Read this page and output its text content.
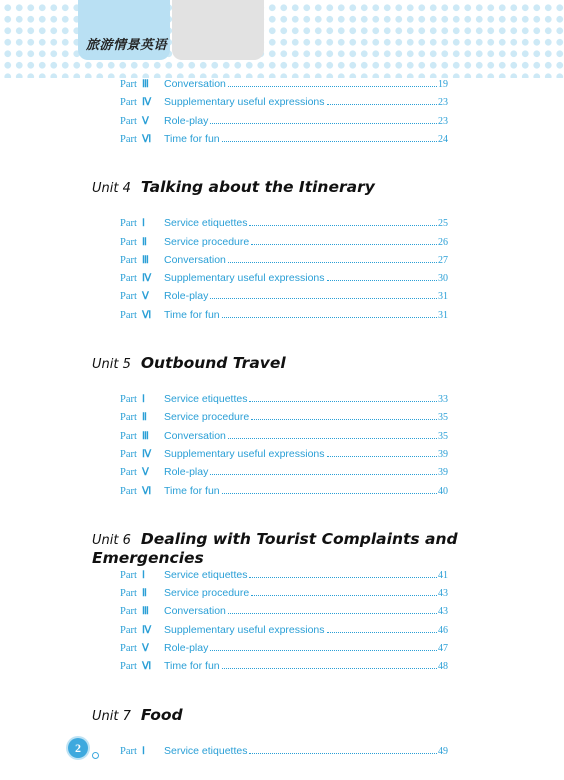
旅游情景英语
Part Ⅲ	Conversation	19
Part Ⅳ	Supplementary useful expressions	23
Part Ⅴ	Role-play	23
Part Ⅵ	Time for fun	24
Unit 4 Talking about the Itinerary
Part Ⅰ	Service etiquettes	25
Part Ⅱ	Service procedure	26
Part Ⅲ	Conversation	27
Part Ⅳ	Supplementary useful expressions	30
Part Ⅴ	Role-play	31
Part Ⅵ	Time for fun	31
Unit 5 Outbound Travel
Part Ⅰ	Service etiquettes	33
Part Ⅱ	Service procedure	35
Part Ⅲ	Conversation	35
Part Ⅳ	Supplementary useful expressions	39
Part Ⅴ	Role-play	39
Part Ⅵ	Time for fun	40
Unit 6 Dealing with Tourist Complaints and Emergencies
Part Ⅰ	Service etiquettes	41
Part Ⅱ	Service procedure	43
Part Ⅲ	Conversation	43
Part Ⅳ	Supplementary useful expressions	46
Part Ⅴ	Role-play	47
Part Ⅵ	Time for fun	48
Unit 7 Food
Part Ⅰ	Service etiquettes	49
2
